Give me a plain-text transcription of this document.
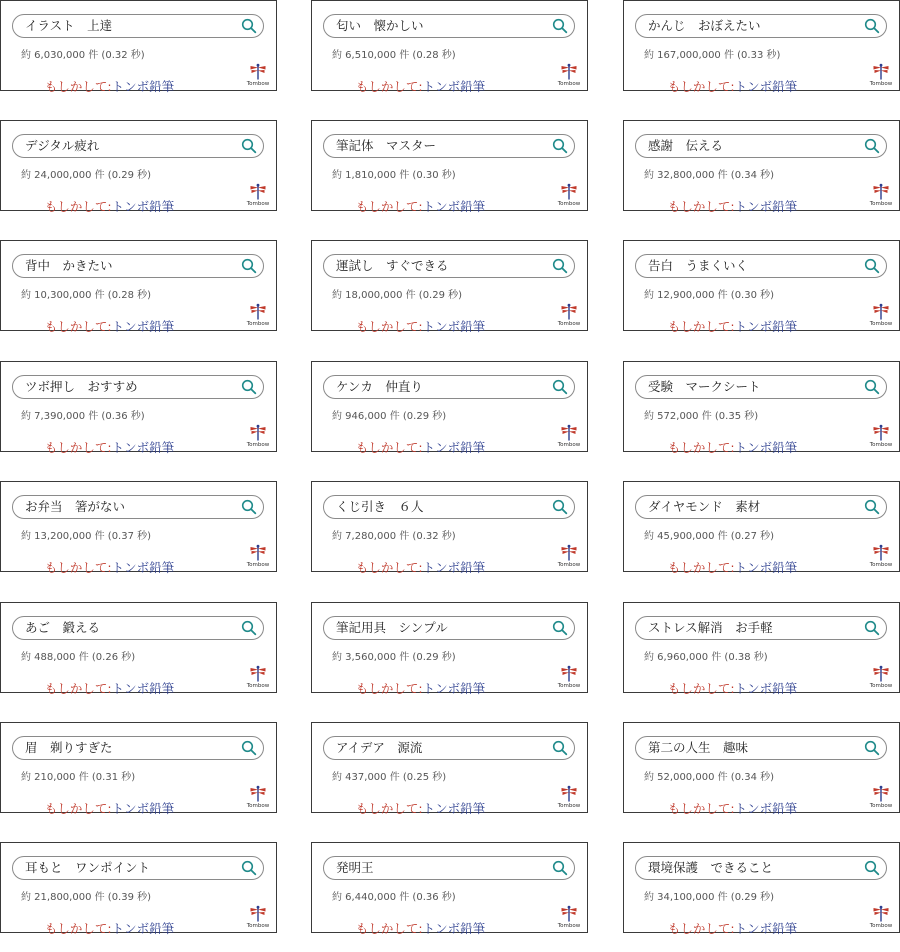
イラスト　上達
約 6,030,000 件 (0.32 秒)

もしかして:トンボ鉛筆
	Tombow
匂い　懐かしい
約 6,510,000 件 (0.28 秒)

もしかして:トンボ鉛筆
	Tombow
かんじ　おぼえたい
約 167,000,000 件 (0.33 秒)

もしかして:トンボ鉛筆
	Tombow
デジタル疲れ
約 24,000,000 件 (0.29 秒)

もしかして:トンボ鉛筆
	Tombow
筆記体　マスター
約 1,810,000 件 (0.30 秒)

もしかして:トンボ鉛筆
	Tombow
感謝　伝える
約 32,800,000 件 (0.34 秒)

もしかして:トンボ鉛筆
	Tombow
背中　かきたい
約 10,300,000 件 (0.28 秒)

もしかして:トンボ鉛筆
	Tombow
運試し　すぐできる
約 18,000,000 件 (0.29 秒)

もしかして:トンボ鉛筆
	Tombow
告白　うまくいく
約 12,900,000 件 (0.30 秒)

もしかして:トンボ鉛筆
	Tombow
ツボ押し　おすすめ
約 7,390,000 件 (0.36 秒)

もしかして:トンボ鉛筆
	Tombow
ケンカ　仲直り
約 946,000 件 (0.29 秒)

もしかして:トンボ鉛筆
	Tombow
受験　マークシート
約 572,000 件 (0.35 秒)

もしかして:トンボ鉛筆
	Tombow
お弁当　箸がない
約 13,200,000 件 (0.37 秒)

もしかして:トンボ鉛筆
	Tombow
くじ引き　６人
約 7,280,000 件 (0.32 秒)

もしかして:トンボ鉛筆
	Tombow
ダイヤモンド　素材
約 45,900,000 件 (0.27 秒)

もしかして:トンボ鉛筆
	Tombow
あご　鍛える
約 488,000 件 (0.26 秒)

もしかして:トンボ鉛筆
	Tombow
筆記用具　シンプル
約 3,560,000 件 (0.29 秒)

もしかして:トンボ鉛筆
	Tombow
ストレス解消　お手軽
約 6,960,000 件 (0.38 秒)

もしかして:トンボ鉛筆
	Tombow
眉　剃りすぎた
約 210,000 件 (0.31 秒)

もしかして:トンボ鉛筆
	Tombow
アイデア　源流
約 437,000 件 (0.25 秒)

もしかして:トンボ鉛筆
	Tombow
第二の人生　趣味
約 52,000,000 件 (0.34 秒)

もしかして:トンボ鉛筆
	Tombow
耳もと　ワンポイント
約 21,800,000 件 (0.39 秒)

もしかして:トンボ鉛筆
	Tombow
発明王
約 6,440,000 件 (0.36 秒)

もしかして:トンボ鉛筆
	Tombow
環境保護　できること
約 34,100,000 件 (0.29 秒)

もしかして:トンボ鉛筆
	Tombow
